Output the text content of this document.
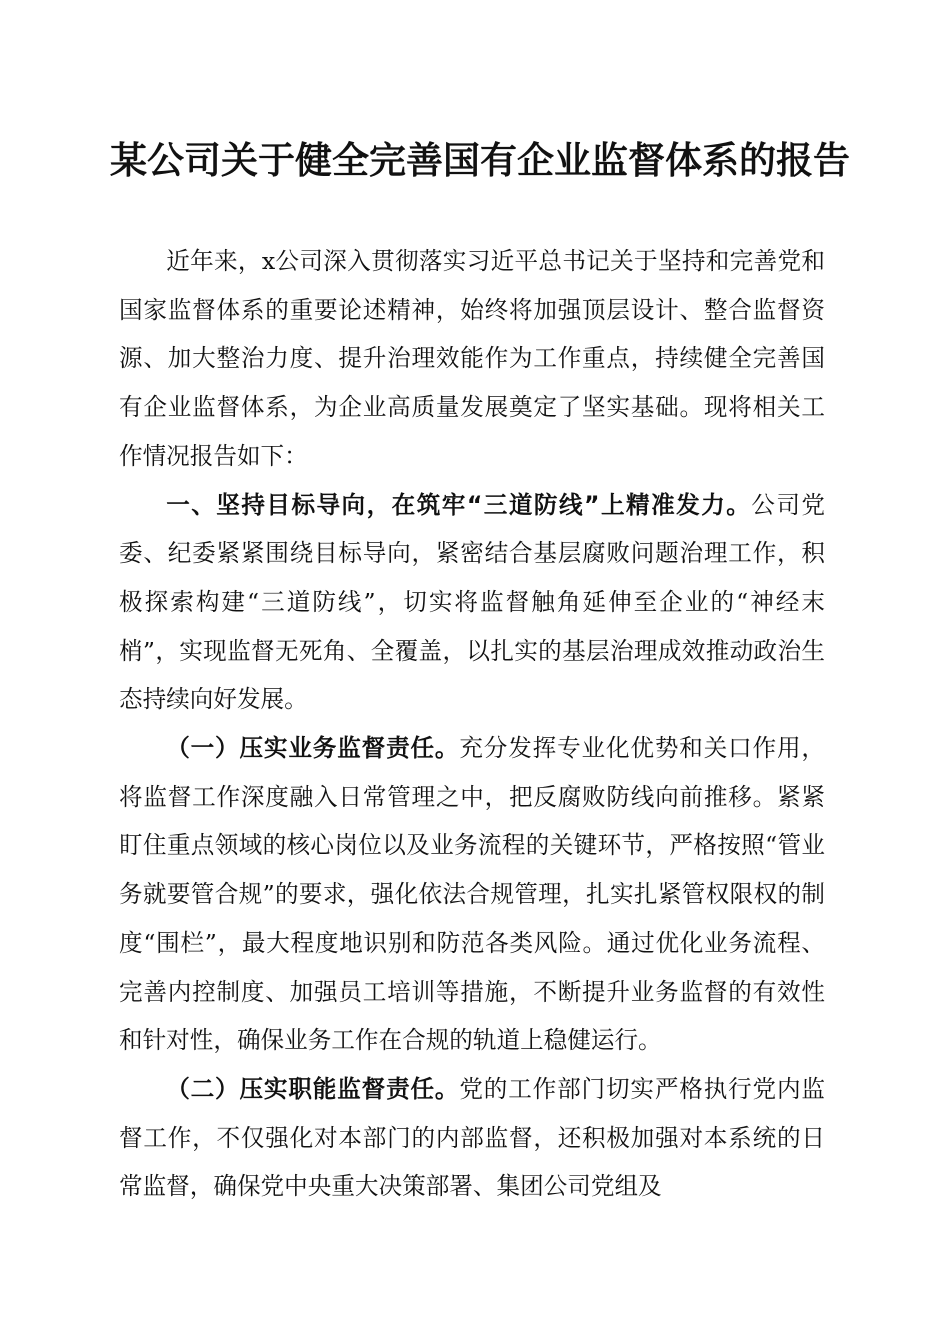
某公司关于健全完善国有企业监督体系的报告

近年来，x公司深入贯彻落实习近平总书记关于坚持和完善党和国家监督体系的重要论述精神，始终将加强顶层设计、整合监督资源、加大整治力度、提升治理效能作为工作重点，持续健全完善国有企业监督体系，为企业高质量发展奠定了坚实基础。现将相关工作情况报告如下：

一、坚持目标导向，在筑牢“三道防线”上精准发力。公司党委、纪委紧紧围绕目标导向，紧密结合基层腐败问题治理工作，积极探索构建“三道防线”，切实将监督触角延伸至企业的“神经末梢”，实现监督无死角、全覆盖，以扎实的基层治理成效推动政治生态持续向好发展。

（一）压实业务监督责任。充分发挥专业化优势和关口作用，将监督工作深度融入日常管理之中，把反腐败防线向前推移。紧紧盯住重点领域的核心岗位以及业务流程的关键环节，严格按照“管业务就要管合规”的要求，强化依法合规管理，扎实扎紧管权限权的制度“围栏”，最大程度地识别和防范各类风险。通过优化业务流程、完善内控制度、加强员工培训等措施，不断提升业务监督的有效性和针对性，确保业务工作在合规的轨道上稳健运行。

（二）压实职能监督责任。党的工作部门切实严格执行党内监督工作，不仅强化对本部门的内部监督，还积极加强对本系统的日常监督，确保党中央重大决策部署、集团公司党组及
